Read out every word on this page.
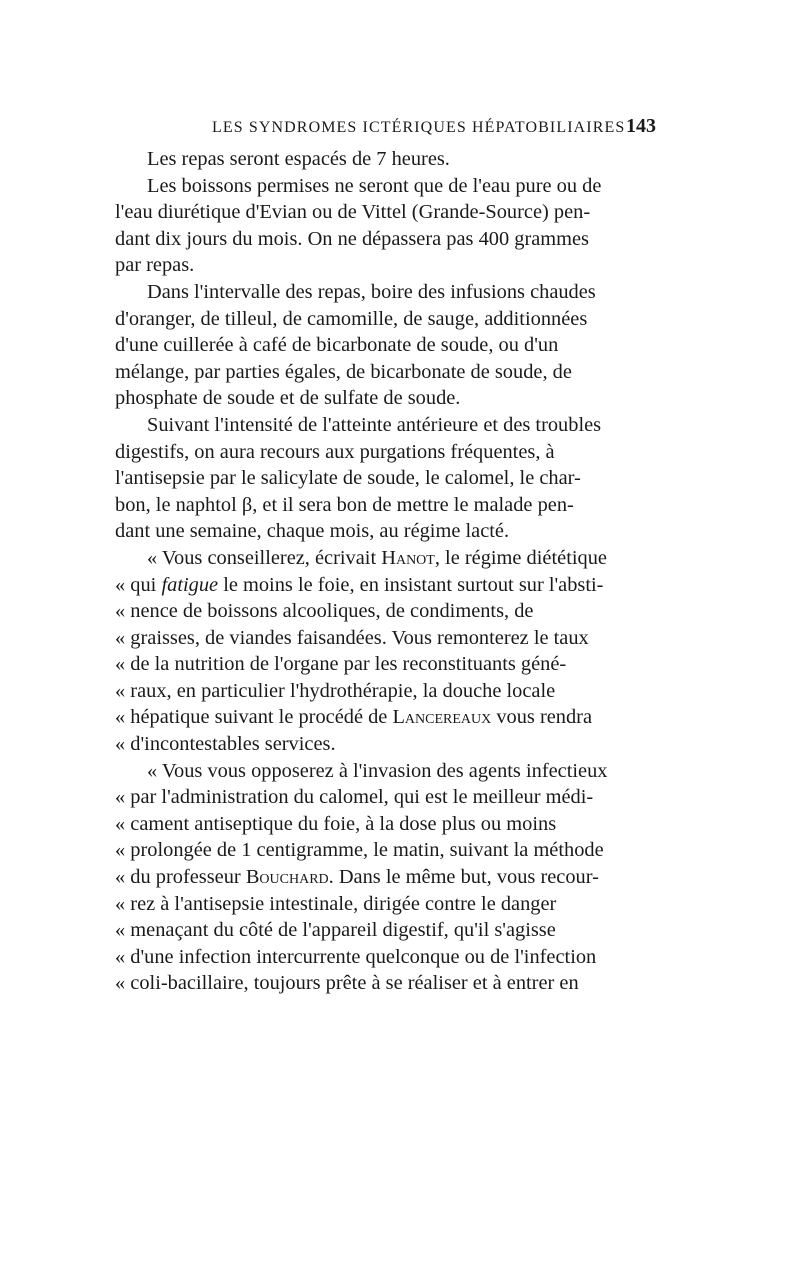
LES SYNDROMES ICTÉRIQUES HÉPATOBILIAIRES 143
Les repas seront espacés de 7 heures.
Les boissons permises ne seront que de l'eau pure ou de
l'eau diurétique d'Evian ou de Vittel (Grande-Source) pen-
dant dix jours du mois. On ne dépassera pas 400 grammes
par repas.
Dans l'intervalle des repas, boire des infusions chaudes
d'oranger, de tilleul, de camomille, de sauge, additionnées
d'une cuillerée à café de bicarbonate de soude, ou d'un
mélange, par parties égales, de bicarbonate de soude, de
phosphate de soude et de sulfate de soude.
Suivant l'intensité de l'atteinte antérieure et des troubles
digestifs, on aura recours aux purgations fréquentes, à
l'antisepsie par le salicylate de soude, le calomel, le char-
bon, le naphtol β, et il sera bon de mettre le malade pen-
dant une semaine, chaque mois, au régime lacté.
« Vous conseillerez, écrivait Hanot, le régime diététique
« qui fatigue le moins le foie, en insistant surtout sur l'absti-
« nence de boissons alcooliques, de condiments, de
« graisses, de viandes faisandées. Vous remonterez le taux
« de la nutrition de l'organe par les reconstituants géné-
« raux, en particulier l'hydrothérapie, la douche locale
« hépatique suivant le procédé de Lancereaux vous rendra
« d'incontestables services.
« Vous vous opposerez à l'invasion des agents infectieux
« par l'administration du calomel, qui est le meilleur médi-
« cament antiseptique du foie, à la dose plus ou moins
« prolongée de 1 centigramme, le matin, suivant la méthode
« du professeur Bouchard. Dans le même but, vous recour-
« rez à l'antisepsie intestinale, dirigée contre le danger
« menaçant du côté de l'appareil digestif, qu'il s'agisse
« d'une infection intercurrente quelconque ou de l'infection
« coli-bacillaire, toujours prête à se réaliser et à entrer en
